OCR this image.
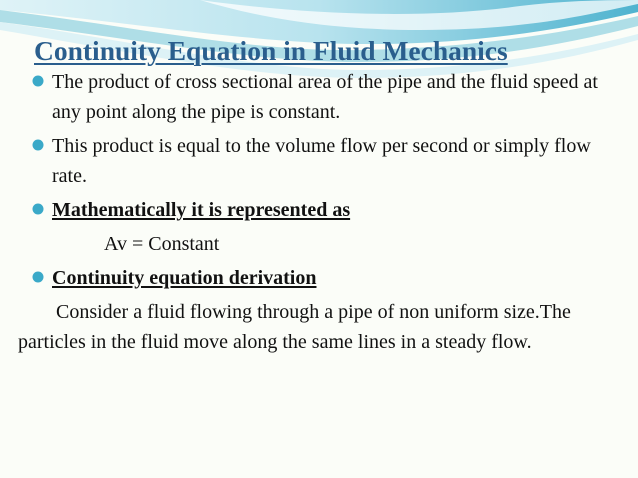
Continuity Equation in Fluid Mechanics
The product of cross sectional area of the pipe and the fluid speed at any point along the pipe is constant.
This product is equal to the volume flow per second or simply flow rate.
Mathematically it is represented as
Av = Constant
Continuity equation derivation

Consider a fluid flowing through a pipe of non uniform size.The particles in the fluid move along the same lines in a steady flow.
